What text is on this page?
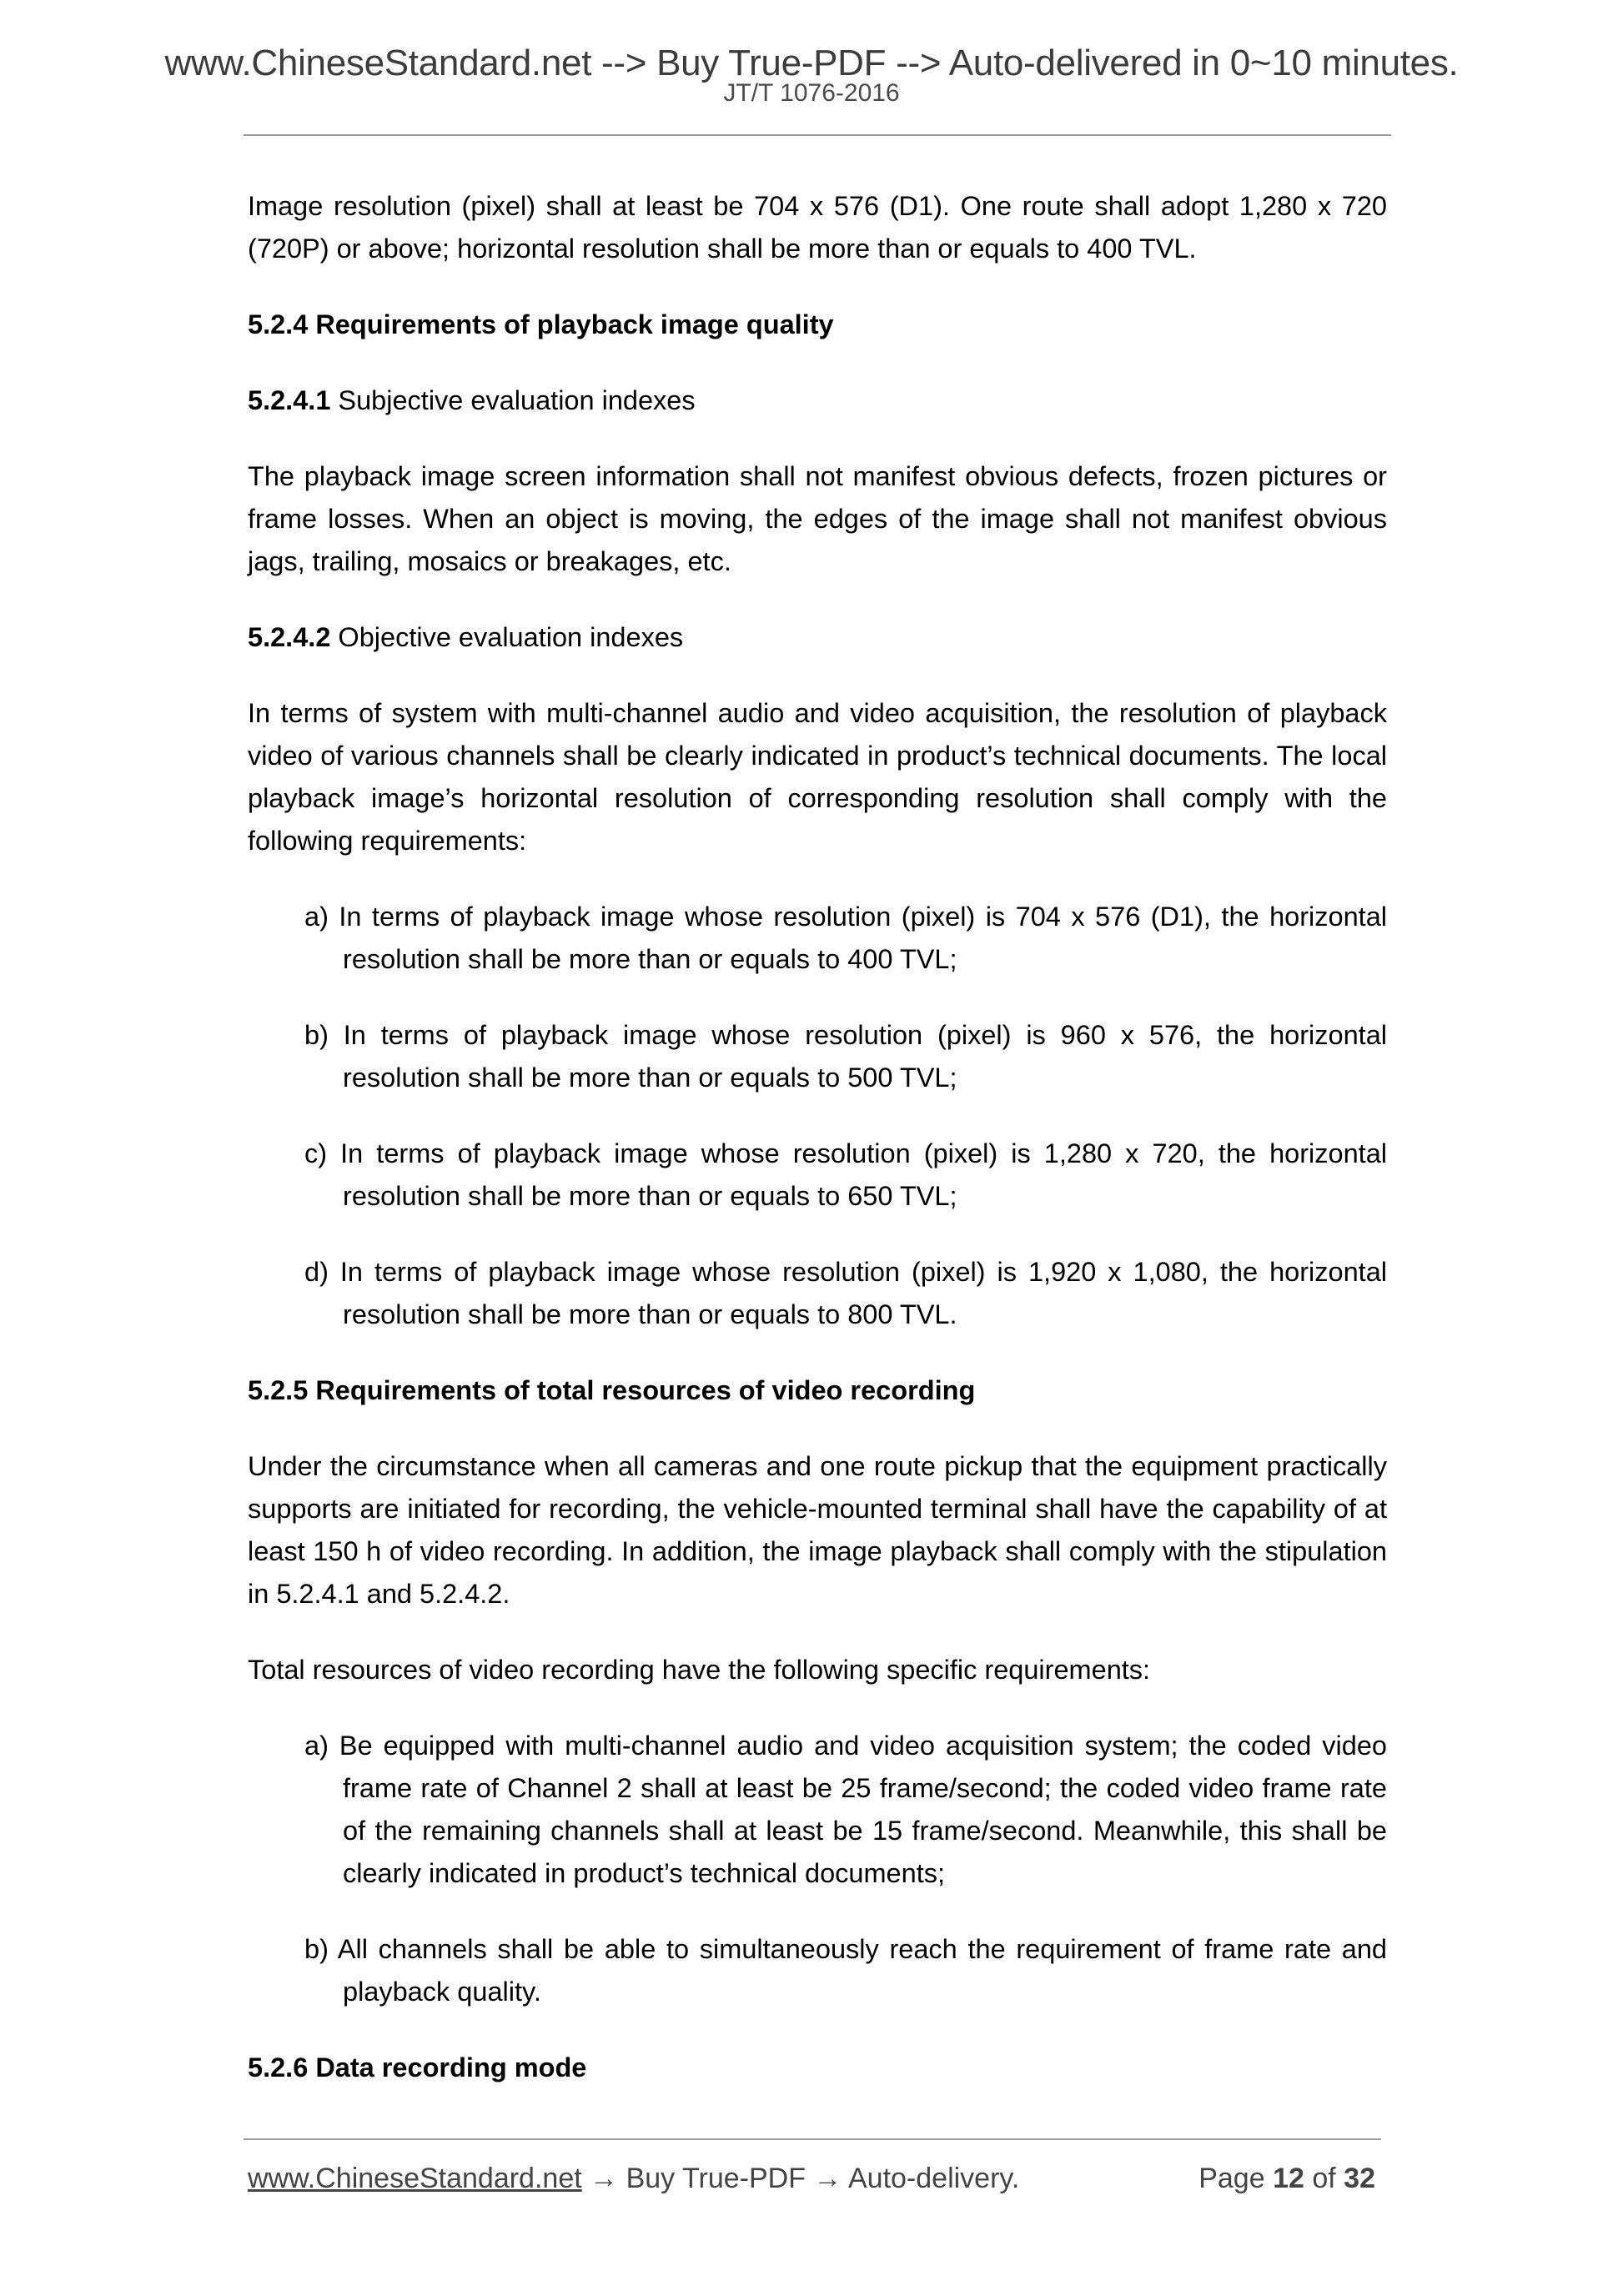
www.ChineseStandard.net --> Buy True-PDF --> Auto-delivered in 0~10 minutes.
JT/T 1076-2016

Image resolution (pixel) shall at least be 704 x 576 (D1). One route shall adopt 1,280 x 720 (720P) or above; horizontal resolution shall be more than or equals to 400 TVL.

5.2.4 Requirements of playback image quality
5.2.4.1 Subjective evaluation indexes

The playback image screen information shall not manifest obvious defects, frozen pictures or frame losses. When an object is moving, the edges of the image shall not manifest obvious jags, trailing, mosaics or breakages, etc.

5.2.4.2 Objective evaluation indexes

In terms of system with multi-channel audio and video acquisition, the resolution of playback video of various channels shall be clearly indicated in product’s technical documents. The local playback image’s horizontal resolution of corresponding resolution shall comply with the following requirements:

a) In terms of playback image whose resolution (pixel) is 704 x 576 (D1), the horizontal resolution shall be more than or equals to 400 TVL;

b) In terms of playback image whose resolution (pixel) is 960 x 576, the horizontal resolution shall be more than or equals to 500 TVL;

c) In terms of playback image whose resolution (pixel) is 1,280 x 720, the horizontal resolution shall be more than or equals to 650 TVL;

d) In terms of playback image whose resolution (pixel) is 1,920 x 1,080, the horizontal resolution shall be more than or equals to 800 TVL.

5.2.5 Requirements of total resources of video recording

Under the circumstance when all cameras and one route pickup that the equipment practically supports are initiated for recording, the vehicle-mounted terminal shall have the capability of at least 150 h of video recording. In addition, the image playback shall comply with the stipulation in 5.2.4.1 and 5.2.4.2.

Total resources of video recording have the following specific requirements:

a) Be equipped with multi-channel audio and video acquisition system; the coded video frame rate of Channel 2 shall at least be 25 frame/second; the coded video frame rate of the remaining channels shall at least be 15 frame/second. Meanwhile, this shall be clearly indicated in product’s technical documents;

b) All channels shall be able to simultaneously reach the requirement of frame rate and playback quality.

5.2.6 Data recording mode
www.ChineseStandard.net → Buy True-PDF → Auto-delivery.	Page 12 of 32
